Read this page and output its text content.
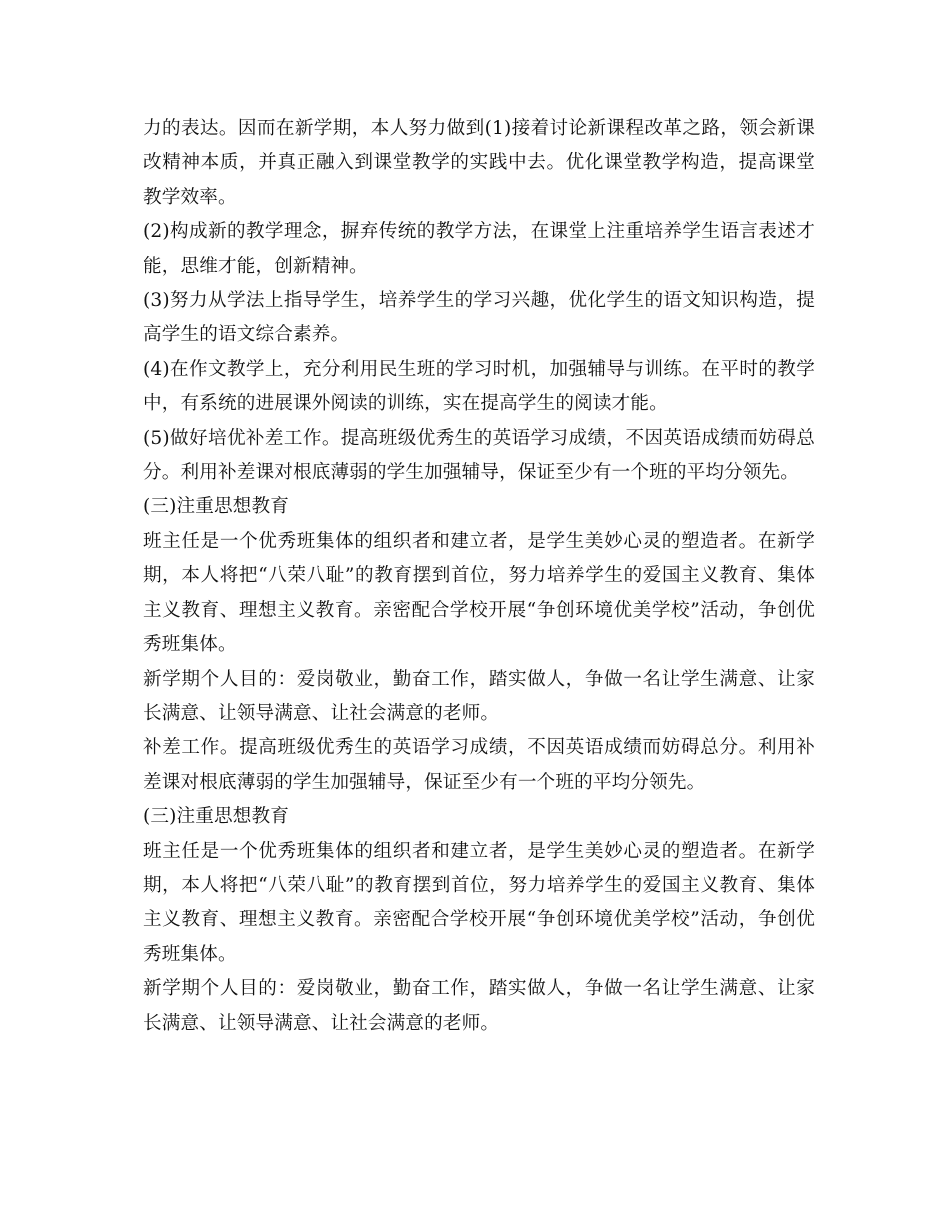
力的表达。因而在新学期，本人努力做到(1)接着讨论新课程改革之路，领会新课改精神本质，并真正融入到课堂教学的实践中去。优化课堂教学构造，提高课堂教学效率。

(2)构成新的教学理念，摒弃传统的教学方法，在课堂上注重培养学生语言表述才能，思维才能，创新精神。

(3)努力从学法上指导学生，培养学生的学习兴趣，优化学生的语文知识构造，提高学生的语文综合素养。

(4)在作文教学上，充分利用民生班的学习时机，加强辅导与训练。在平时的教学中，有系统的进展课外阅读的训练，实在提高学生的阅读才能。

(5)做好培优补差工作。提高班级优秀生的英语学习成绩，不因英语成绩而妨碍总分。利用补差课对根底薄弱的学生加强辅导，保证至少有一个班的平均分领先。

(三)注重思想教育

班主任是一个优秀班集体的组织者和建立者，是学生美妙心灵的塑造者。在新学期，本人将把“八荣八耻”的教育摆到首位，努力培养学生的爱国主义教育、集体主义教育、理想主义教育。亲密配合学校开展“争创环境优美学校”活动，争创优秀班集体。

新学期个人目的：爱岗敬业，勤奋工作，踏实做人，争做一名让学生满意、让家长满意、让领导满意、让社会满意的老师。

补差工作。提高班级优秀生的英语学习成绩，不因英语成绩而妨碍总分。利用补差课对根底薄弱的学生加强辅导，保证至少有一个班的平均分领先。

(三)注重思想教育

班主任是一个优秀班集体的组织者和建立者，是学生美妙心灵的塑造者。在新学期，本人将把“八荣八耻”的教育摆到首位，努力培养学生的爱国主义教育、集体主义教育、理想主义教育。亲密配合学校开展“争创环境优美学校”活动，争创优秀班集体。

新学期个人目的：爱岗敬业，勤奋工作，踏实做人，争做一名让学生满意、让家长满意、让领导满意、让社会满意的老师。
